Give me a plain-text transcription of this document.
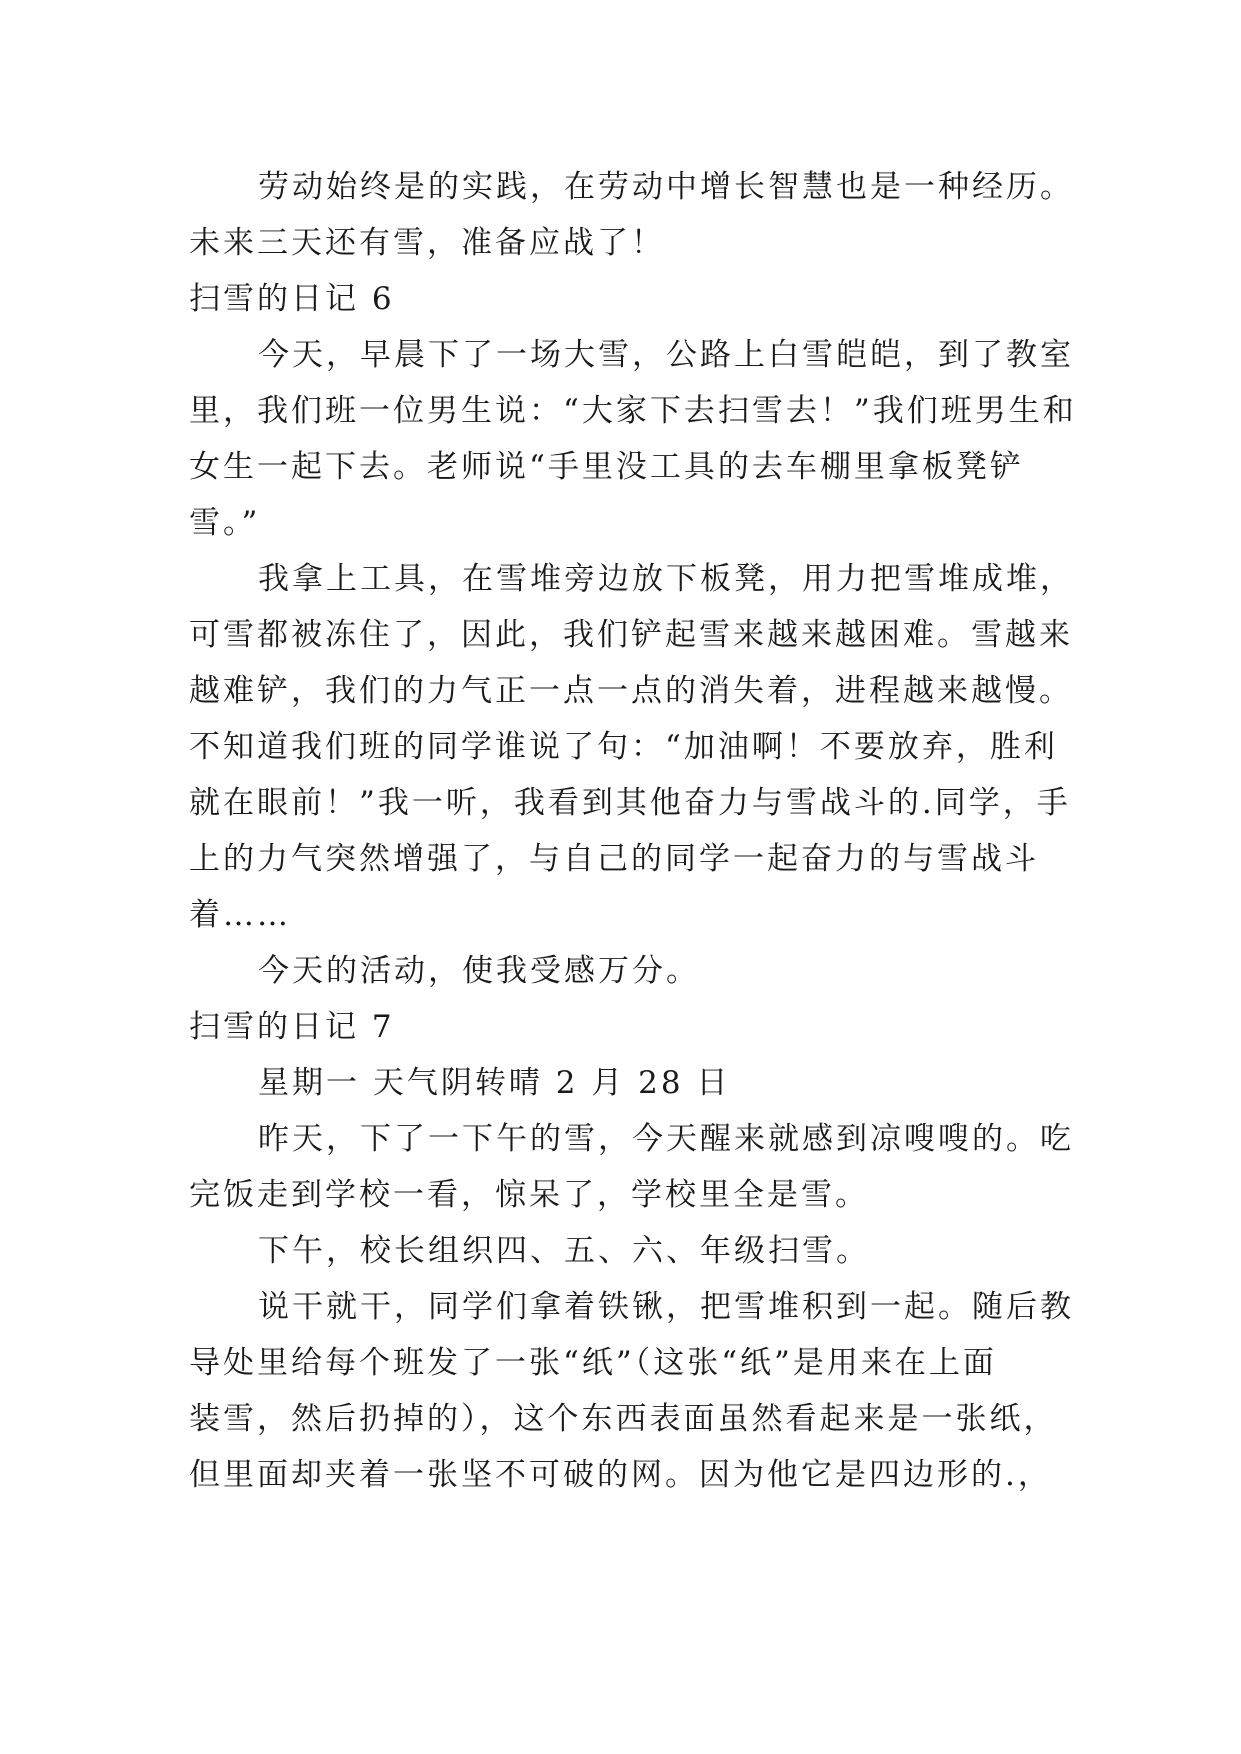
劳动始终是的实践，在劳动中增长智慧也是一种经历。
未来三天还有雪，准备应战了！
扫雪的日记 6
今天，早晨下了一场大雪，公路上白雪皑皑，到了教室
里，我们班一位男生说：“大家下去扫雪去！”我们班男生和
女生一起下去。老师说“手里没工具的去车棚里拿板凳铲
雪。”
我拿上工具，在雪堆旁边放下板凳，用力把雪堆成堆，
可雪都被冻住了，因此，我们铲起雪来越来越困难。雪越来
越难铲，我们的力气正一点一点的消失着，进程越来越慢。
不知道我们班的同学谁说了句：“加油啊！不要放弃，胜利
就在眼前！”我一听，我看到其他奋力与雪战斗的.同学，手
上的力气突然增强了，与自己的同学一起奋力的与雪战斗
着……
今天的活动，使我受感万分。
扫雪的日记 7
星期一 天气阴转晴 2 月 28 日
昨天，下了一下午的雪，今天醒来就感到凉嗖嗖的。吃
完饭走到学校一看，惊呆了，学校里全是雪。
下午，校长组织四、五、六、年级扫雪。
说干就干，同学们拿着铁锹，把雪堆积到一起。随后教
导处里给每个班发了一张“纸”（这张“纸”是用来在上面
装雪，然后扔掉的），这个东西表面虽然看起来是一张纸，
但里面却夹着一张坚不可破的网。因为他它是四边形的.，
